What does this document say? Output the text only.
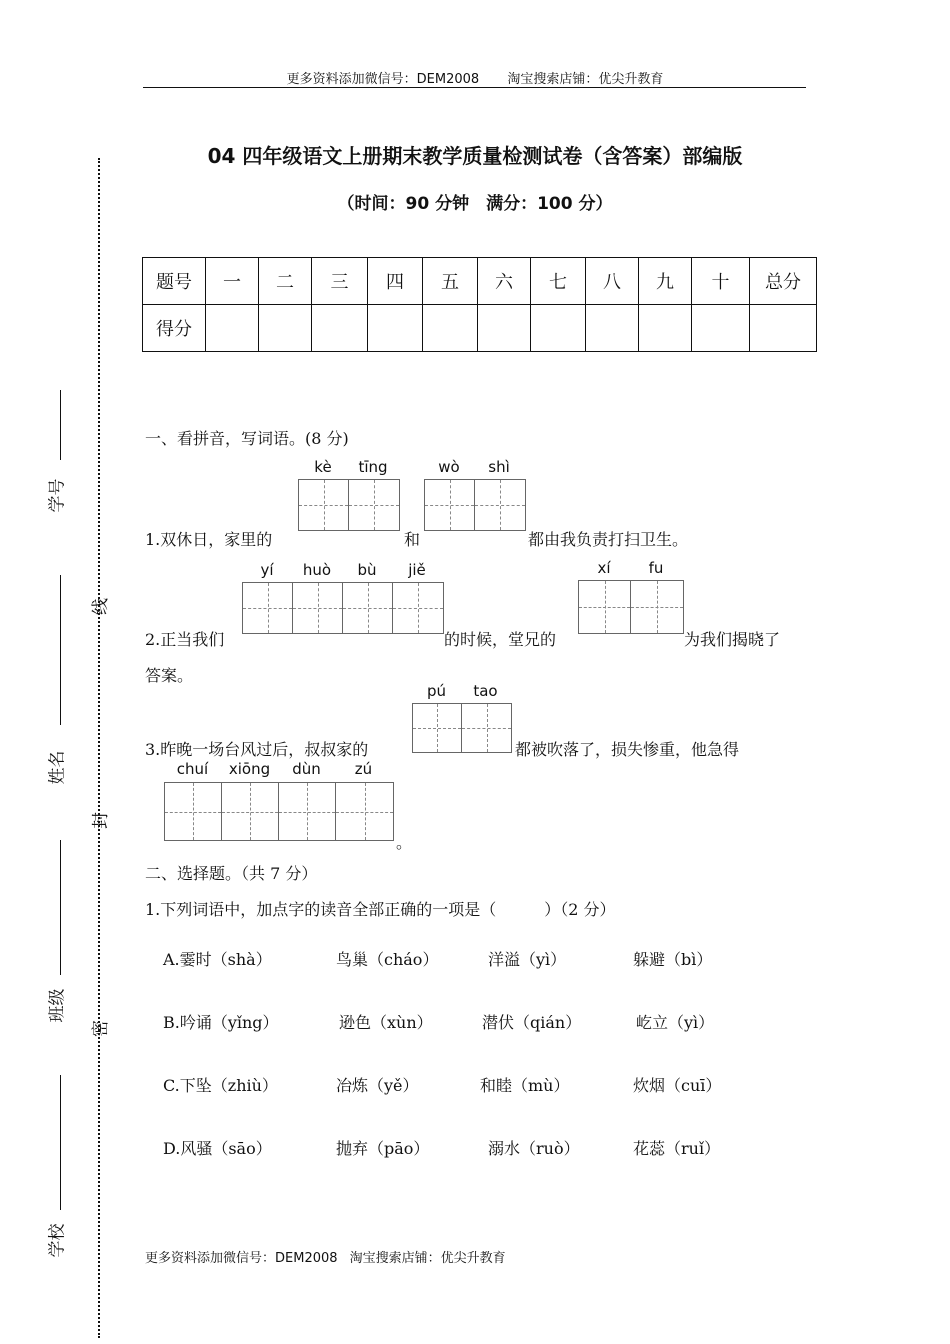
更多资料添加微信号：DEM2008 淘宝搜索店铺：优尖升教育
04 四年级语文上册期末教学质量检测试卷（含答案）部编版
（时间：90 分钟　满分：100 分）
题号	一	二	三	四	五	六	七	八	九	十	总分
得分											
学号
姓名
班级
学校
线
封
密
一、看拼音，写词语。(8 分)
kè	tīng	wò	shì
1.双休日，家里的	和	都由我负责打扫卫生。
yí	huò	bù	jiě	xí	fu
2.正当我们	的时候，堂兄的	为我们揭晓了
答案。
pú	tao
3.昨晚一场台风过后，叔叔家的	都被吹落了，损失惨重，他急得
chuí	xiōng	dùn	zú
。
二、选择题。（共 7 分）
1.下列词语中，加点字的读音全部正确的一项是（　　　）（2 分）
A.霎时（shà）	鸟巢（cháo）	洋溢（yì）	躲避（bì）
B.吟诵（yǐng）	逊色（xùn）	潜伏（qián）	屹立（yì）
C.下坠（zhiù）	冶炼（yě）	和睦（mù）	炊烟（cuī）
D.风骚（sāo）	抛弃（pāo）	溺水（ruò）	花蕊（ruǐ）
更多资料添加微信号：DEM2008 淘宝搜索店铺：优尖升教育
